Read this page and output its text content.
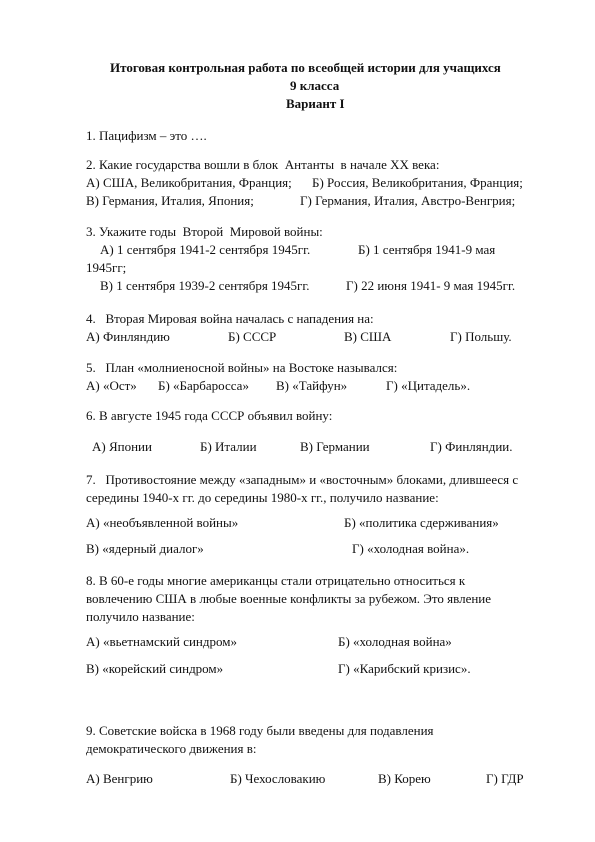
Итоговая контрольная работа по всеобщей истории для учащихся
9 класса
Вариант I
1. Пацифизм – это ….
2. Какие государства вошли в блок  Антанты  в начале XX века:
А) США, Великобритания, Франция; Б) Россия, Великобритания, Франция;
В) Германия, Италия, Япония;	Г) Германия, Италия, Австро-Венгрия;
3. Укажите годы  Второй  Мировой войны:
А) 1 сентября 1941-2 сентября 1945гг.	Б) 1 сентября 1941-9 мая
1945гг;
В) 1 сентября 1939-2 сентября 1945гг.	Г) 22 июня 1941- 9 мая 1945гг.
4.   Вторая Мировая война началась с нападения на:
А) Финляндию	Б) СССР	В) США	Г) Польшу.
5.   План «молниеносной войны» на Востоке назывался:
А) «Ост» Б) «Барбаросса» В) «Тайфун»	Г) «Цитадель».
6. В августе 1945 года СССР объявил войну:
А) Японии	Б) Италии	В) Германии	Г) Финляндии.
7.   Противостояние между «западным» и «восточным» блоками, длившееся с
середины 1940-х гг. до середины 1980-х гг., получило название:
А) «необъявленной войны»	Б) «политика сдерживания»
В) «ядерный диалог»	Г) «холодная война».
8. В 60-е годы многие американцы стали отрицательно относиться к
вовлечению США в любые военные конфликты за рубежом. Это явление
получило название:
А) «вьетнамский синдром»	Б) «холодная война»
В) «корейский синдром»	Г) «Карибский кризис».
9. Советские войска в 1968 году были введены для подавления
демократического движения в:
А) Венгрию	Б) Чехословакию	В) Корею	Г) ГДР
